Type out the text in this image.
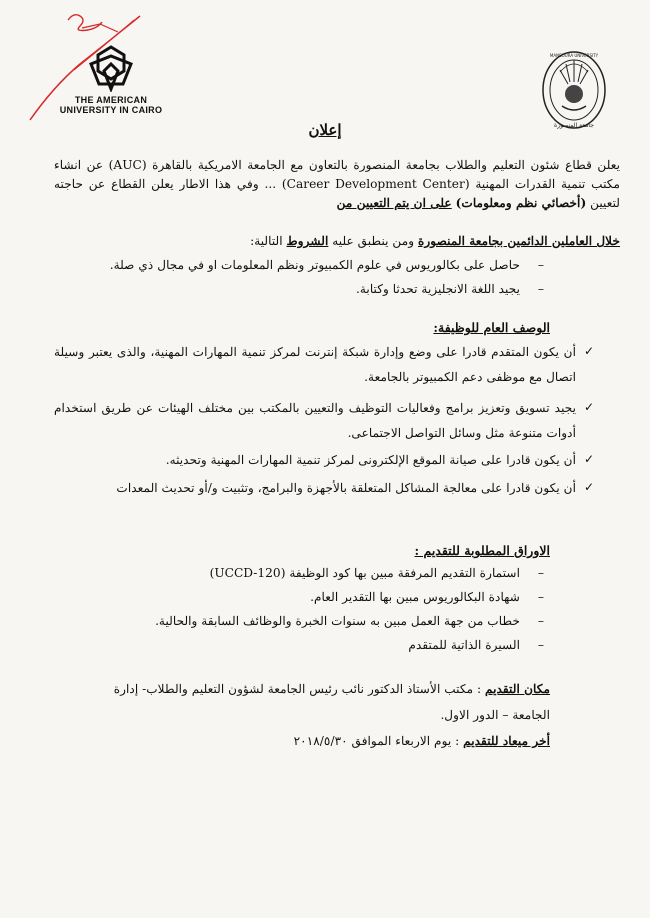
THE AMERICAN
UNIVERSITY IN CAIRO
جامعة المنصورة
MANSOURA UNIVERSITY
إعلان
يعلن قطاع شئون التعليم والطلاب بجامعة المنصورة بالتعاون مع الجامعة الامريكية بالقاهرة (AUC) عن انشاء مكتب تنمية القدرات المهنية (Career Development Center) ... وفي هذا الاطار يعلن القطاع عن حاجته لتعيين (أخصائي نظم ومعلومات) على ان يتم التعيين من
خلال العاملين الدائمين بجامعة المنصورة ومن ينطبق عليه الشروط التالية:
–
حاصل على بكالوريوس في علوم الكمبيوتر ونظم المعلومات او في مجال ذي صلة.
–
يجيد اللغة الانجليزية تحدثا وكتابة.
الوصف العام للوظيفة:
✓
أن يكون المتقدم قادرا على وضع وإدارة شبكة إنترنت لمركز تنمية المهارات المهنية، والذى يعتبر وسيلة اتصال مع موظفى دعم الكمبيوتر بالجامعة.
✓
يجيد تسويق وتعزيز برامج وفعاليات التوظيف والتعيين بالمكتب بين مختلف الهيئات عن طريق استخدام أدوات متنوعة مثل وسائل التواصل الاجتماعى.
✓
أن يكون قادرا على صيانة الموقع الإلكترونى لمركز تنمية المهارات المهنية وتحديثه.
✓
أن يكون قادرا على معالجة المشاكل المتعلقة بالأجهزة والبرامج، وتثبيت و/أو تحديث المعدات
الاوراق المطلوبة للتقديم :
–
استمارة التقديم المرفقة مبين بها كود الوظيفة (UCCD-120)
–
شهادة البكالوريوس مبين بها التقدير العام.
–
خطاب من جهة العمل مبين به سنوات الخبرة والوظائف السابقة والحالية.
–
السيرة الذاتية للمتقدم
مكان التقديم : مكتب الأستاذ الدكتور نائب رئيس الجامعة لشؤون التعليم والطلاب- إدارة
الجامعة – الدور الاول.
أخر ميعاد للتقديم : يوم الاربعاء الموافق ٢٠١٨/٥/٣٠
